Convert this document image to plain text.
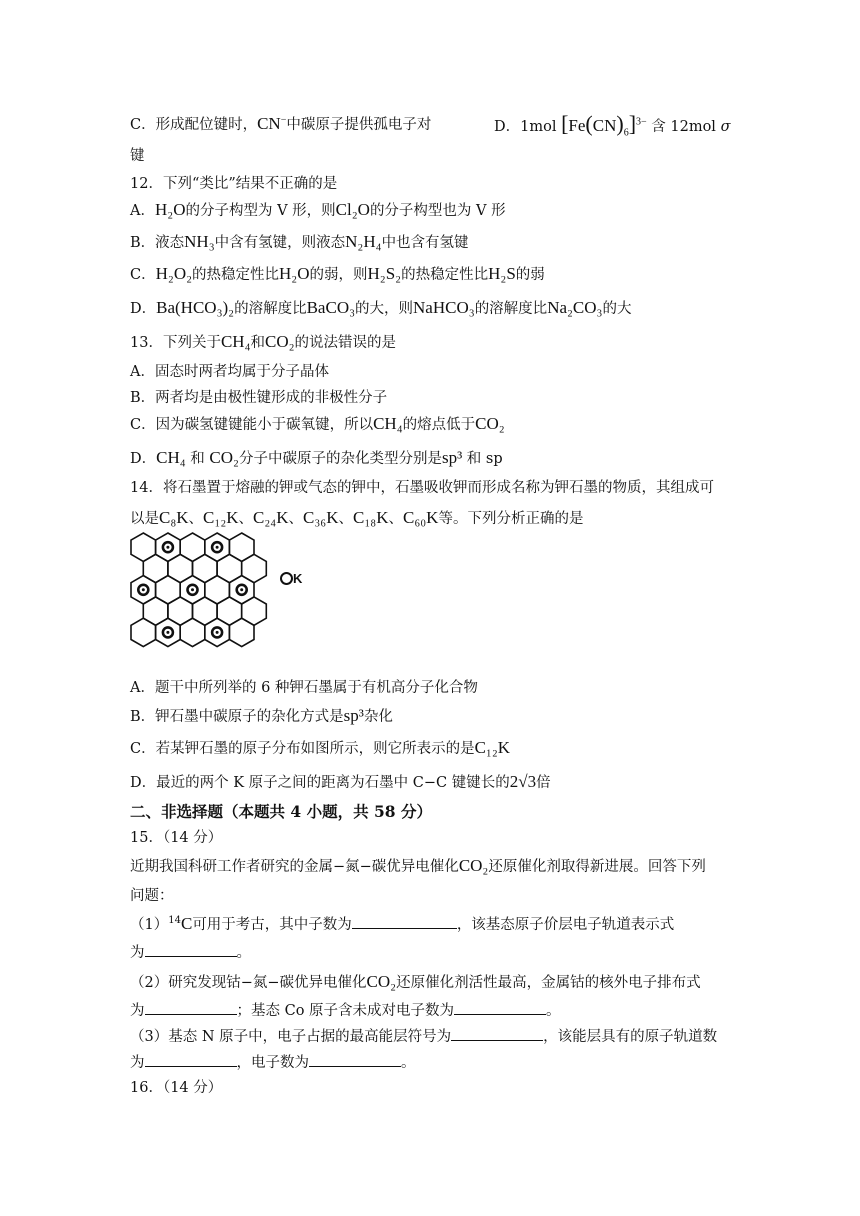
C．形成配位键时，CN−中碳原子提供孤电子对	D．1mol $[Fe(CN)_6]^{3-}$ 含 12mol σ
键
12．下列“类比”结果不正确的是
A．H₂O的分子构型为 V 形，则Cl₂O的分子构型也为 V 形
B．液态NH₃中含有氢键，则液态N₂H₄中也含有氢键
C．H₂O₂的热稳定性比H₂O的弱，则H₂S₂的热稳定性比H₂S的弱
D．Ba(HCO₃)₂的溶解度比BaCO₃的大，则NaHCO₃的溶解度比Na₂CO₃的大
13．下列关于CH₄和CO₂的说法错误的是
A．固态时两者均属于分子晶体
B．两者均是由极性键形成的非极性分子
C．因为碳氢键键能小于碳氧键，所以CH₄的熔点低于CO₂
D．CH₄ 和 CO₂分子中碳原子的杂化类型分别是sp³ 和 sp
14．将石墨置于熔融的钾或气态的钾中，石墨吸收钾而形成名称为钾石墨的物质，其组成可
以是C₈K、C₁₂K、C₂₄K、C₃₆K、C₁₈K、C₆₀K等。下列分析正确的是
K
A．题干中所列举的 6 种钾石墨属于有机高分子化合物
B．钾石墨中碳原子的杂化方式是sp³杂化
C．若某钾石墨的原子分布如图所示，则它所表示的是C₁₂K
D．最近的两个 K 原子之间的距离为石墨中 C−C 键键长的2√3倍
二、非选择题（本题共 4 小题，共 58 分）
15．（14 分）
近期我国科研工作者研究的金属−氮−碳优异电催化CO₂还原催化剂取得新进展。回答下列
问题：
$(1)^{14}C$可用于考古，其中子数为	，该基态原子价层电子轨道表示式
为	。
（2）研究发现钴−氮−碳优异电催化CO₂还原催化剂活性最高，金属钴的核外电子排布式
为	；基态 Co 原子含未成对电子数为	。
（3）基态 N 原子中，电子占据的最高能层符号为	，该能层具有的原子轨道数
为	，电子数为	。
16．（14 分）
